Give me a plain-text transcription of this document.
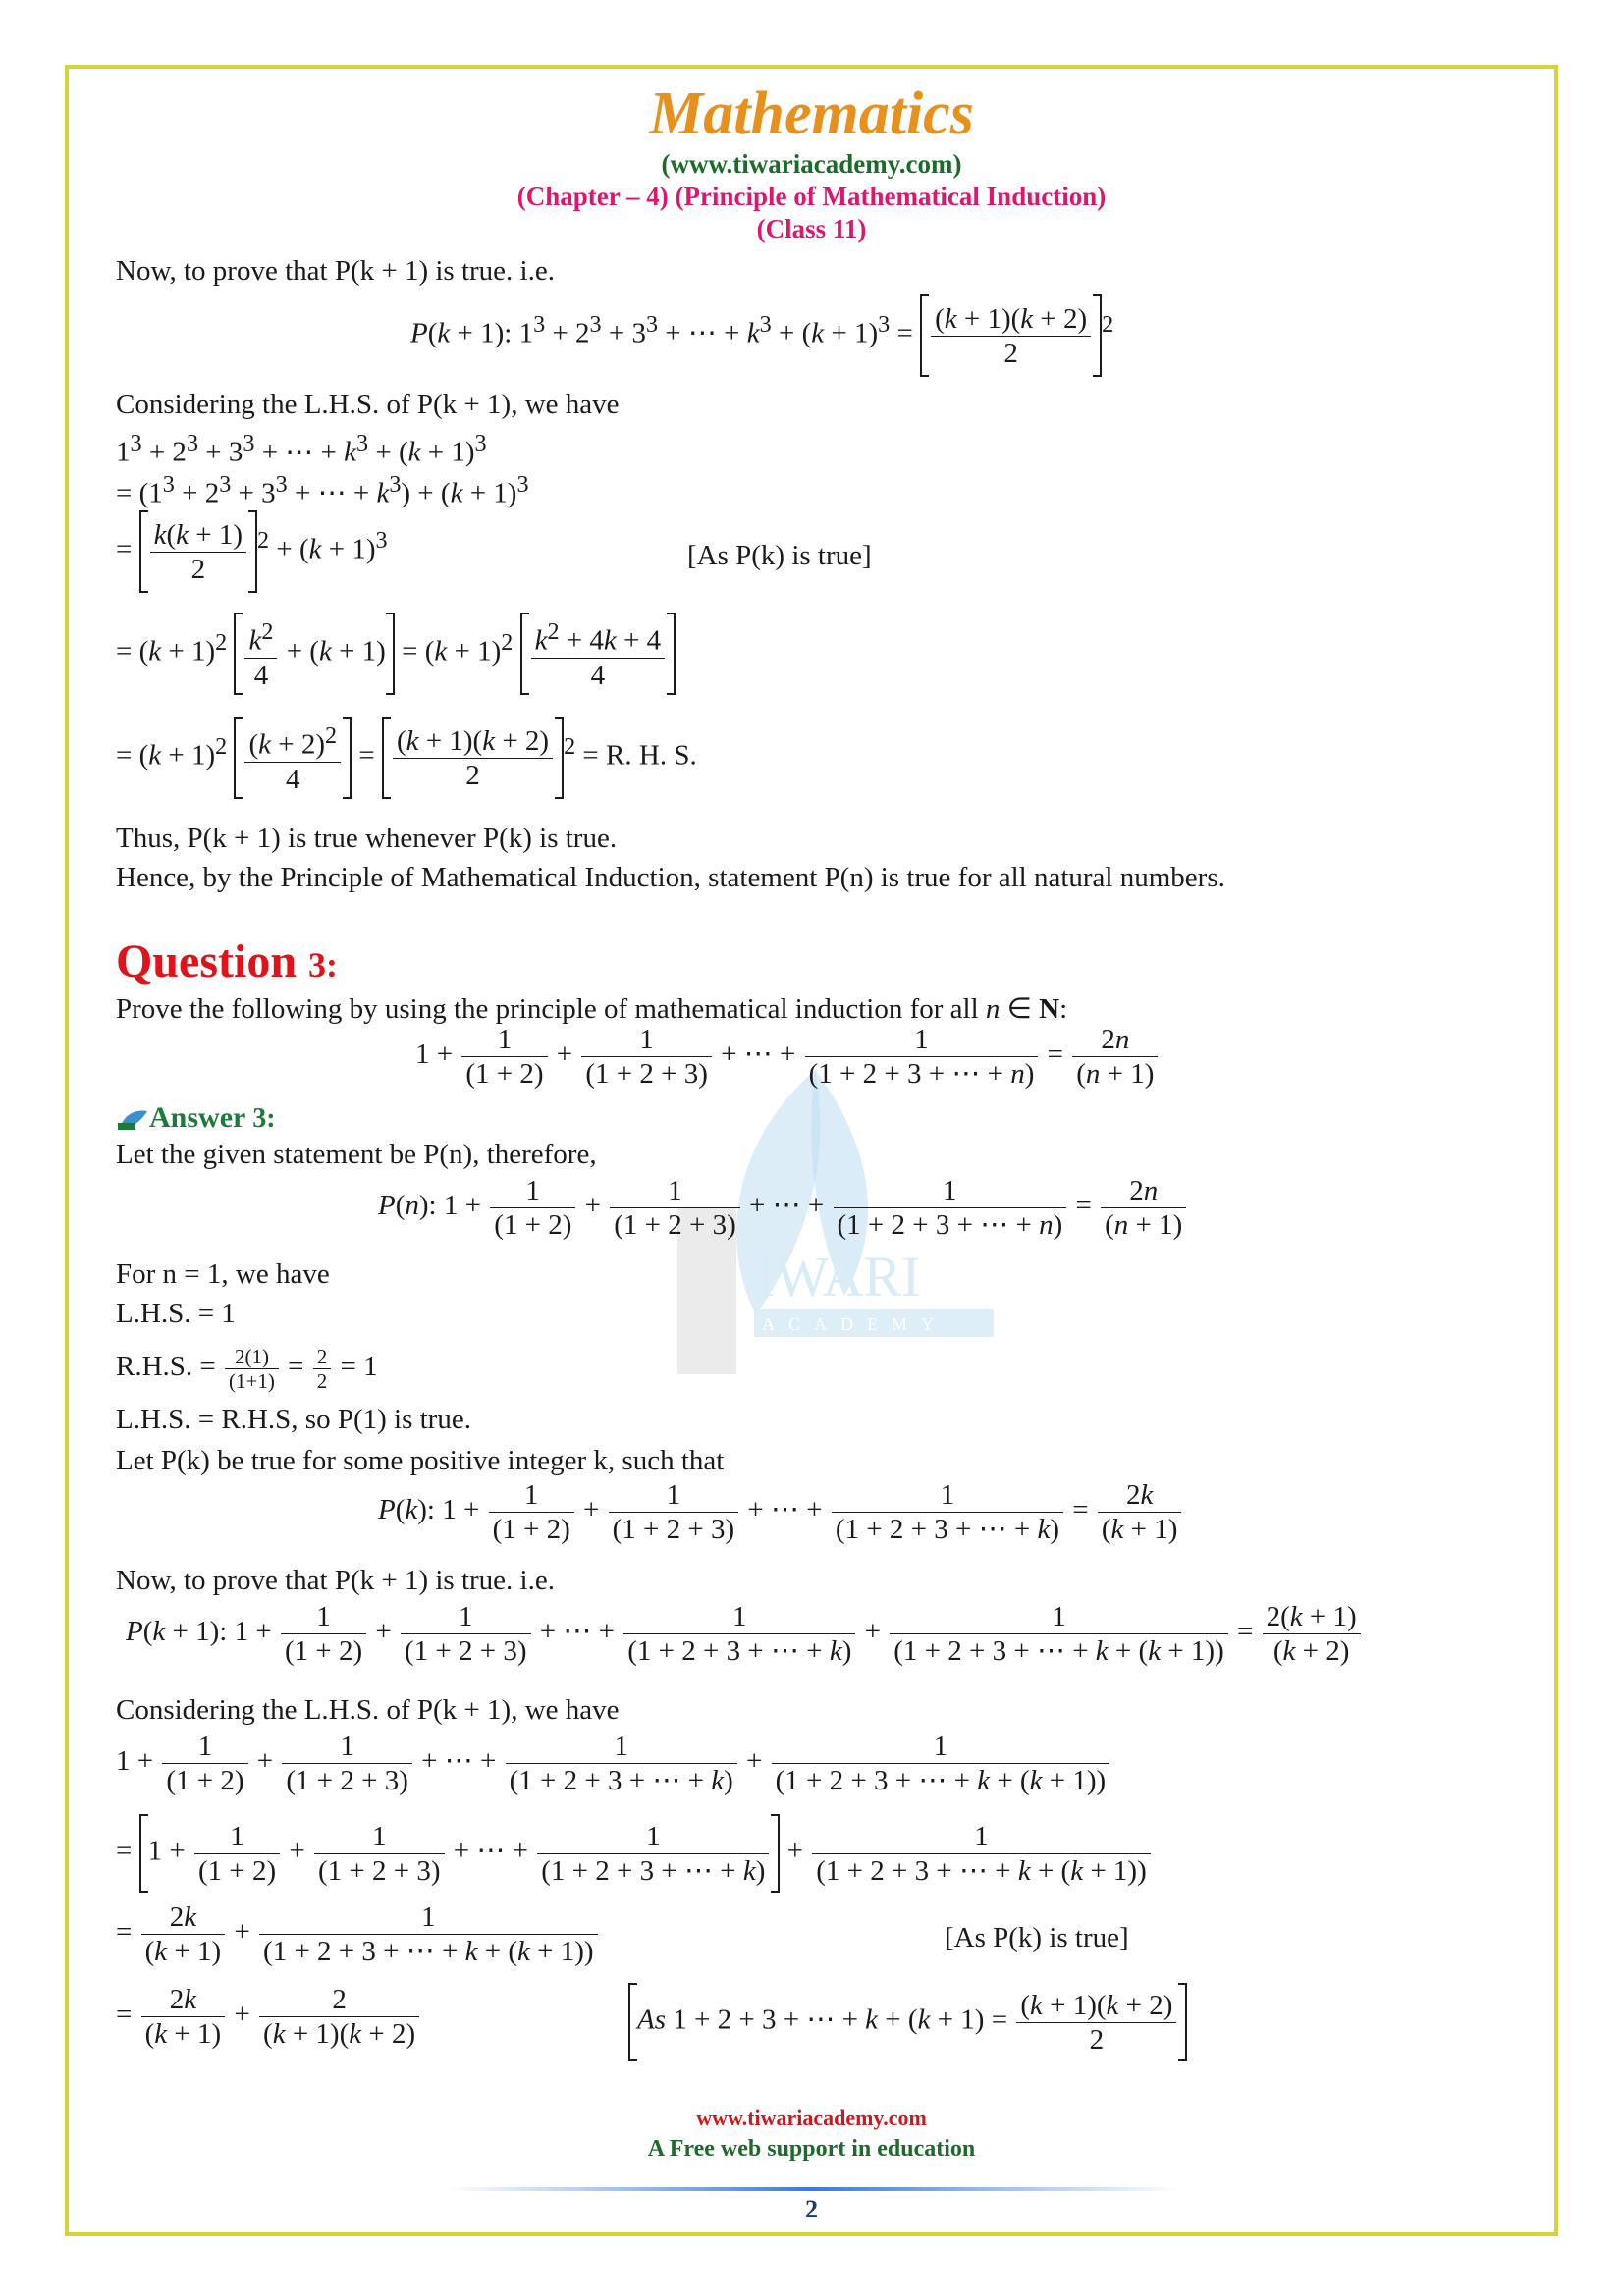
IWARI
ACADEMY
Mathematics
(www.tiwariacademy.com)
(Chapter – 4) (Principle of Mathematical Induction)
(Class 11)
Now, to prove that P(k + 1) is true. i.e.
P(k + 1): $1^3 + 2^3 + 3^3$ + ⋯ + $k^3 + (k + 1)^3 = \frac{(k + 1)(k + 2)}{2} ^2$
Considering the L.H.S. of P(k + 1), we have
$1^3 + 2^3 + 3^3$ + ⋯ + $k^3 + (k + 1)^3$
= ($1^3 + 2^3 + 3^3$ + ⋯ + $k^3) + (k + 1)^3$
= $\frac{k(k + 1)}{2} ^2 + (k + 1)^3$	[As P(k) is true]
= $(k + 1)^2 \frac{k^2}{4} + (k + 1) = (k + 1)^2 \frac{k^2 + 4k + 4}{4}$
= $(k + 1)^2 \frac{(k + 2)^2}{4} = \frac{(k + 1)(k + 2)}{2} ^2 = R$. H. S.
Thus, P(k + 1) is true whenever P(k) is true.
Hence, by the Principle of Mathematical Induction, statement P(n) is true for all natural numbers.
Question 3:
Prove the following by using the principle of mathematical induction for all n ∈ N:
$1 + \frac{1}{(1 + 2)} + \frac{1}{(1 + 2 + 3)}$ + ⋯ + $\frac{1}{(1 + 2 + 3 + \cdots + n)} = \frac{2n}{(n + 1)}$
Answer 3:
Let the given statement be P(n), therefore,
P(n): $1 + \frac{1}{(1 + 2)} + \frac{1}{(1 + 2 + 3)}$ + ⋯ + $\frac{1}{(1 + 2 + 3 + \cdots + n)} = \frac{2n}{(n + 1)}$
For n = 1, we have
L.H.S. = 1
R.H.S. = $\frac{2(1)}{(1+1)} = \frac{2}{2} = 1$
L.H.S. = R.H.S, so P(1) is true.
Let P(k) be true for some positive integer k, such that
P(k): $1 + \frac{1}{(1 + 2)} + \frac{1}{(1 + 2 + 3)}$ + ⋯ + $\frac{1}{(1 + 2 + 3 + \cdots + k)} = \frac{2k}{(k + 1)}$
Now, to prove that P(k + 1) is true. i.e.
P(k + 1): $1 + \frac{1}{(1 + 2)} + \frac{1}{(1 + 2 + 3)}$ + ⋯ + $\frac{1}{(1 + 2 + 3 + \cdots + k)} + \frac{1}{(1 + 2 + 3 + \cdots + k + (k + 1))} = \frac{2(k + 1)}{(k + 2)}$
Considering the L.H.S. of P(k + 1), we have
$1 + \frac{1}{(1 + 2)} + \frac{1}{(1 + 2 + 3)}$ + ⋯ + $\frac{1}{(1 + 2 + 3 + \cdots + k)} + \frac{1}{(1 + 2 + 3 + \cdots + k + (k + 1))}$
= $1 + \frac{1}{(1 + 2)} + \frac{1}{(1 + 2 + 3)}$ + ⋯ + $\frac{1}{(1 + 2 + 3 + \cdots + k)} + \frac{1}{(1 + 2 + 3 + \cdots + k + (k + 1))}$
= $\frac{2k}{(k + 1)} + \frac{1}{(1 + 2 + 3 + \cdots + k + (k + 1))}$	[As P(k) is true]
= $\frac{2k}{(k + 1)} + \frac{2}{(k + 1)(k + 2)}$	As 1 + 2 + 3 + ⋯ + $k + (k + 1) = \frac{(k + 1)(k + 2)}{2}$
www.tiwariacademy.com
A Free web support in education
2
